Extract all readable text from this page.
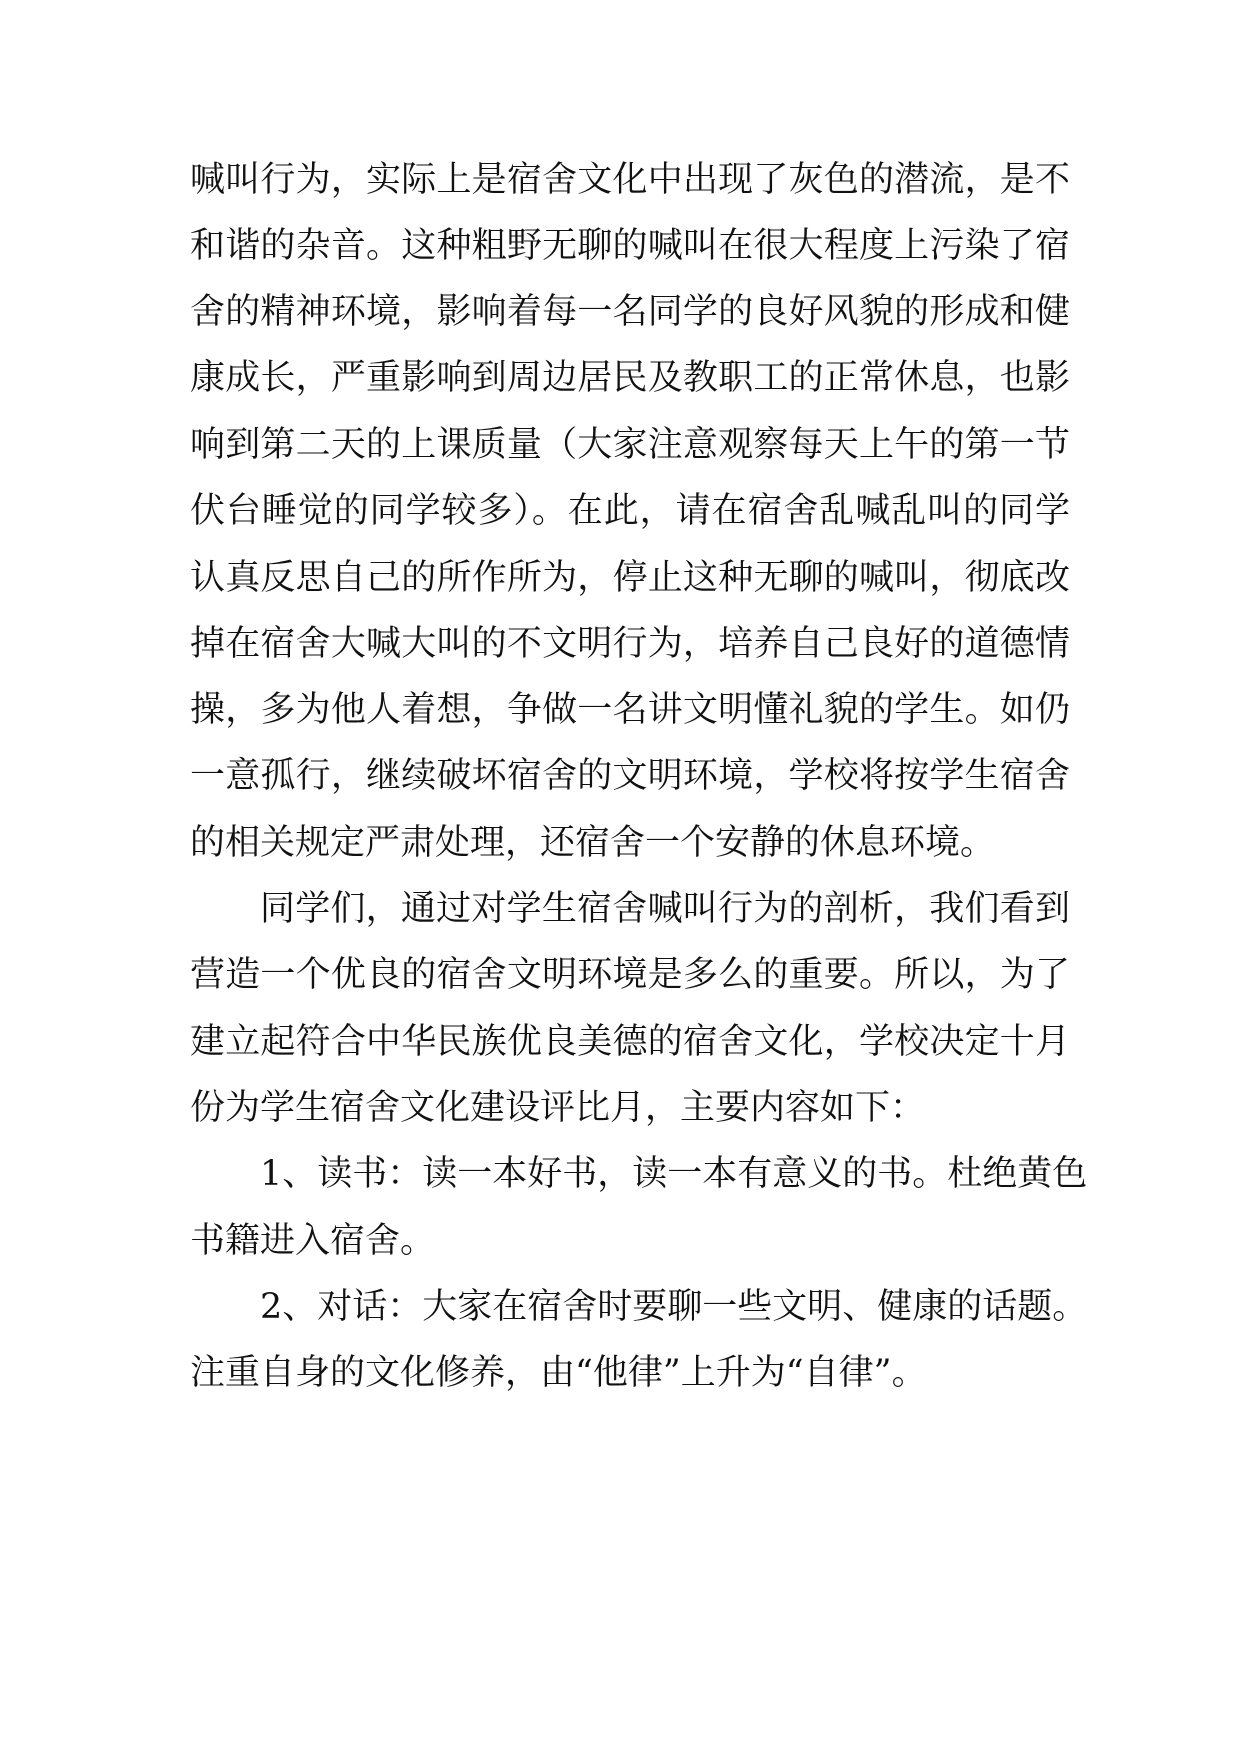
喊叫行为，实际上是宿舍文化中出现了灰色的潜流，是不
和谐的杂音。这种粗野无聊的喊叫在很大程度上污染了宿
舍的精神环境，影响着每一名同学的良好风貌的形成和健
康成长，严重影响到周边居民及教职工的正常休息，也影
响到第二天的上课质量（大家注意观察每天上午的第一节
伏台睡觉的同学较多）。在此，请在宿舍乱喊乱叫的同学
认真反思自己的所作所为，停止这种无聊的喊叫，彻底改
掉在宿舍大喊大叫的不文明行为，培养自己良好的道德情
操，多为他人着想，争做一名讲文明懂礼貌的学生。如仍
一意孤行，继续破坏宿舍的文明环境，学校将按学生宿舍
的相关规定严肃处理，还宿舍一个安静的休息环境。
同学们，通过对学生宿舍喊叫行为的剖析，我们看到
营造一个优良的宿舍文明环境是多么的重要。所以，为了
建立起符合中华民族优良美德的宿舍文化，学校决定十月
份为学生宿舍文化建设评比月，主要内容如下：
1、读书：读一本好书，读一本有意义的书。杜绝黄色
书籍进入宿舍。
2、对话：大家在宿舍时要聊一些文明、健康的话题。
注重自身的文化修养，由“他律”上升为“自律”。
